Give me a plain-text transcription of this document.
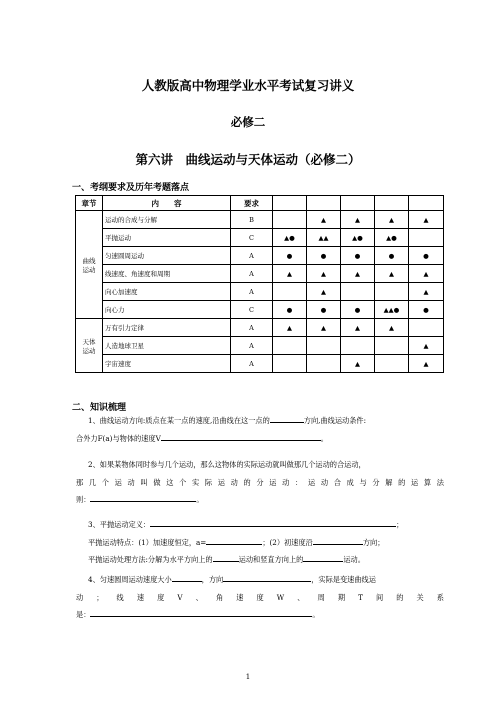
人教版高中物理学业水平考试复习讲义
必修二
第六讲　曲线运动与天体运动（必修二）
一、考纲要求及历年考题落点
章节	内　　容	要求					
曲线
运动	运动的合成与分解	B		▲	▲	▲	▲
	平抛运动	C	▲●	▲▲	▲●	▲●	
	匀速圆周运动	A	●	●	●	●	●
	线速度、角速度和周期	A	▲	▲	▲	▲	▲
	向心加速度	A		▲			▲
	向心力	C	●	●	●	▲▲●	●
天体
运动	万有引力定律	A	▲	▲	▲	▲	
	人造地球卫星	A					▲
	宇宙速度	A			▲		▲
二、知识梳理
1、曲线运动方向:质点在某一点的速度,沿曲线在这一点的	方向,曲线运动条件:
合外力F(a)与物体的速度V	。
2、如果某物体同时参与几个运动，那么这物体的实际运动就叫做那几个运动的合运动，
那几个运动叫做这个实际运动的分运动：运动合成与分解的运算法
则：	。
3、平抛运动定义：	；
平抛运动特点：(1）加速度恒定，a=	；(2）初速度沿	方向；
平抛运动处理方法:分解为水平方向上的	运动和竖直方向上的	运动。
4、匀速圆周运动速度大小	，方向	，实际是变速曲线运
动；线速度V、角速度W、周期T间的关系
是：	。
1
